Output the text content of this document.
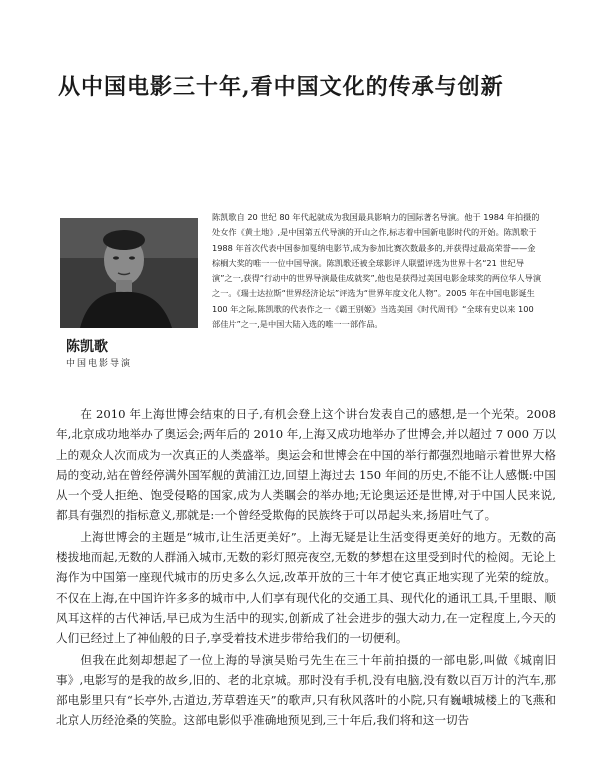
从中国电影三十年,看中国文化的传承与创新
陈凯歌
中国电影导演

陈凯歌自 20 世纪 80 年代起就成为我国最具影响力的国际著名导演。他于 1984 年拍摄的处女作《黄土地》,是中国第五代导演的开山之作,标志着中国新电影时代的开始。陈凯歌于 1988 年首次代表中国参加戛纳电影节,成为参加比赛次数最多的,并获得过最高荣誉——金棕榈大奖的唯一一位中国导演。陈凯歌还被全球影评人联盟评选为世界十名“21 世纪导演”之一,获得“行动中的世界导演最佳成就奖”,他也是获得过美国电影金球奖的两位华人导演之一。《瑞士达拉斯“世界经济论坛”评选为“世界年度文化人物”。2005 年在中国电影诞生 100 年之际,陈凯歌的代表作之一《霸王别姬》当选美国《时代周刊》“全球有史以来 100 部佳片”之一,是中国大陆入选的唯一一部作品。

在 2010 年上海世博会结束的日子,有机会登上这个讲台发表自己的感想,是一个光荣。2008 年,北京成功地举办了奥运会;两年后的 2010 年,上海又成功地举办了世博会,并以超过 7 000 万以上的观众人次而成为一次真正的人类盛举。奥运会和世博会在中国的举行都强烈地暗示着世界大格局的变动,站在曾经停满外国军舰的黄浦江边,回望上海过去 150 年间的历史,不能不让人感慨:中国从一个受人拒绝、饱受侵略的国家,成为人类瞩会的举办地;无论奥运还是世博,对于中国人民来说,都具有强烈的指标意义,那就是:一个曾经受欺侮的民族终于可以昂起头来,扬眉吐气了。

上海世博会的主题是“城市,让生活更美好”。上海无疑是让生活变得更美好的地方。无数的高楼拔地而起,无数的人群涌入城市,无数的彩灯照亮夜空,无数的梦想在这里受到时代的检阅。无论上海作为中国第一座现代城市的历史多么久远,改革开放的三十年才使它真正地实现了光荣的绽放。不仅在上海,在中国许许多多的城市中,人们享有现代化的交通工具、现代化的通讯工具,千里眼、顺风耳这样的古代神话,早已成为生活中的现实,创新成了社会进步的强大动力,在一定程度上,今天的人们已经过上了神仙般的日子,享受着技术进步带给我们的一切便利。

但我在此刻却想起了一位上海的导演吴贻弓先生在三十年前拍摄的一部电影,叫做《城南旧事》,电影写的是我的故乡,旧的、老的北京城。那时没有手机,没有电脑,没有数以百万计的汽车,那部电影里只有“长亭外,古道边,芳草碧连天”的歌声,只有秋风落叶的小院,只有巍峨城楼上的飞燕和北京人历经沧桑的笑脸。这部电影似乎准确地预见到,三十年后,我们将和这一切告
